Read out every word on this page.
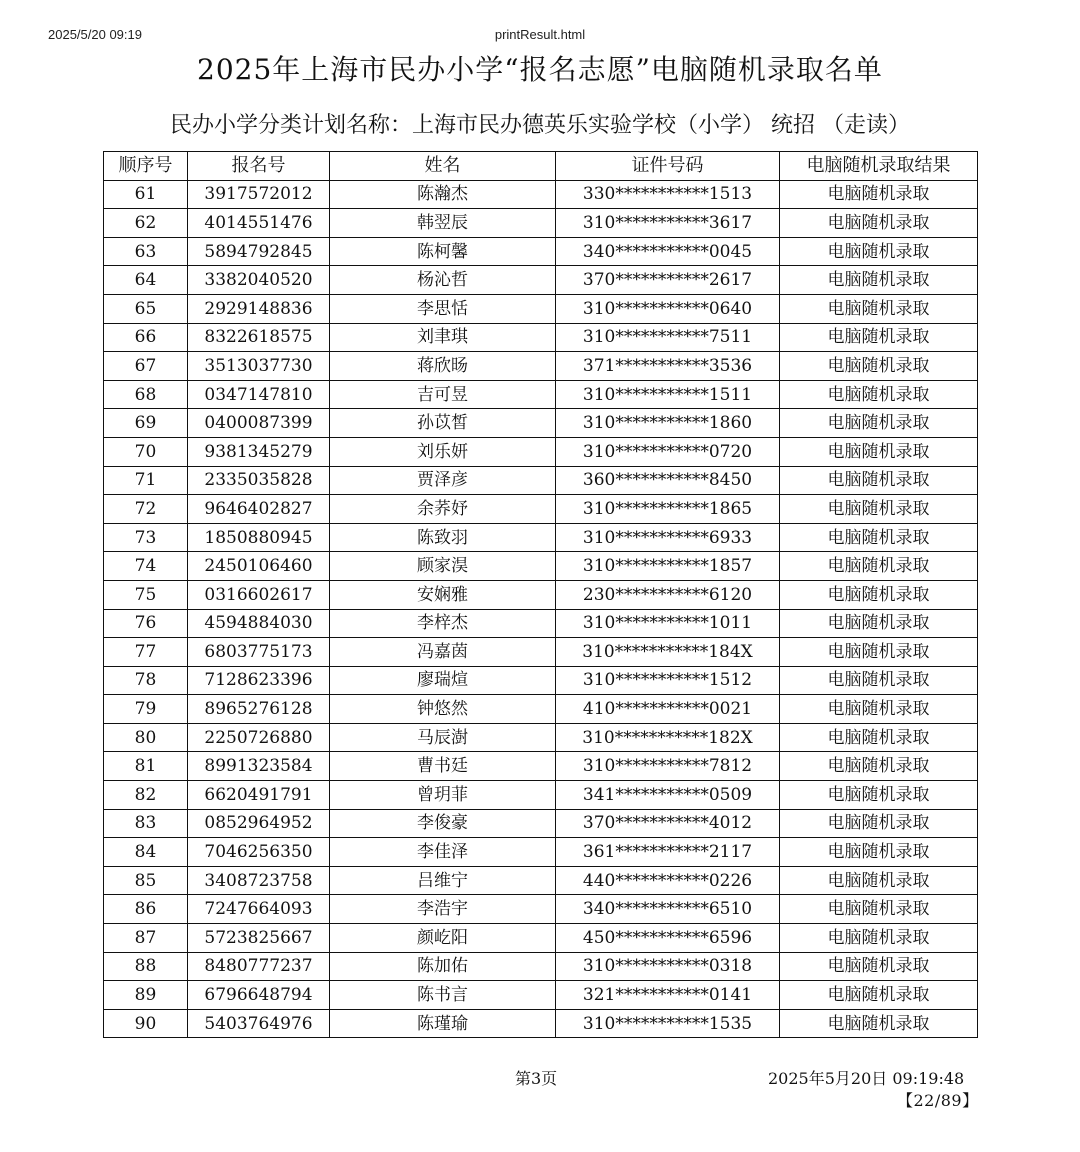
2025/5/20 09:19	printResult.html
2025年上海市民办小学“报名志愿”电脑随机录取名单
民办小学分类计划名称：上海市民办德英乐实验学校（小学） 统招 （走读）
顺序号	报名号	姓名	证件号码	电脑随机录取结果
61	3917572012	陈瀚杰	330***********1513	电脑随机录取
62	4014551476	韩翌辰	310***********3617	电脑随机录取
63	5894792845	陈柯馨	340***********0045	电脑随机录取
64	3382040520	杨沁哲	370***********2617	电脑随机录取
65	2929148836	李思恬	310***********0640	电脑随机录取
66	8322618575	刘聿琪	310***********7511	电脑随机录取
67	3513037730	蒋欣旸	371***********3536	电脑随机录取
68	0347147810	吉可昱	310***********1511	电脑随机录取
69	0400087399	孙苡皙	310***********1860	电脑随机录取
70	9381345279	刘乐妍	310***********0720	电脑随机录取
71	2335035828	贾泽彦	360***********8450	电脑随机录取
72	9646402827	余荞妤	310***********1865	电脑随机录取
73	1850880945	陈致羽	310***********6933	电脑随机录取
74	2450106460	顾家淏	310***********1857	电脑随机录取
75	0316602617	安娴雅	230***********6120	电脑随机录取
76	4594884030	李梓杰	310***********1011	电脑随机录取
77	6803775173	冯嘉茵	310***********184X	电脑随机录取
78	7128623396	廖瑞煊	310***********1512	电脑随机录取
79	8965276128	钟悠然	410***********0021	电脑随机录取
80	2250726880	马辰澍	310***********182X	电脑随机录取
81	8991323584	曹书廷	310***********7812	电脑随机录取
82	6620491791	曾玥菲	341***********0509	电脑随机录取
83	0852964952	李俊豪	370***********4012	电脑随机录取
84	7046256350	李佳泽	361***********2117	电脑随机录取
85	3408723758	吕维宁	440***********0226	电脑随机录取
86	7247664093	李浩宇	340***********6510	电脑随机录取
87	5723825667	颜屹阳	450***********6596	电脑随机录取
88	8480777237	陈加佑	310***********0318	电脑随机录取
89	6796648794	陈书言	321***********0141	电脑随机录取
90	5403764976	陈瑾瑜	310***********1535	电脑随机录取
第3页	2025年5月20日 09:19:48
【22/89】
